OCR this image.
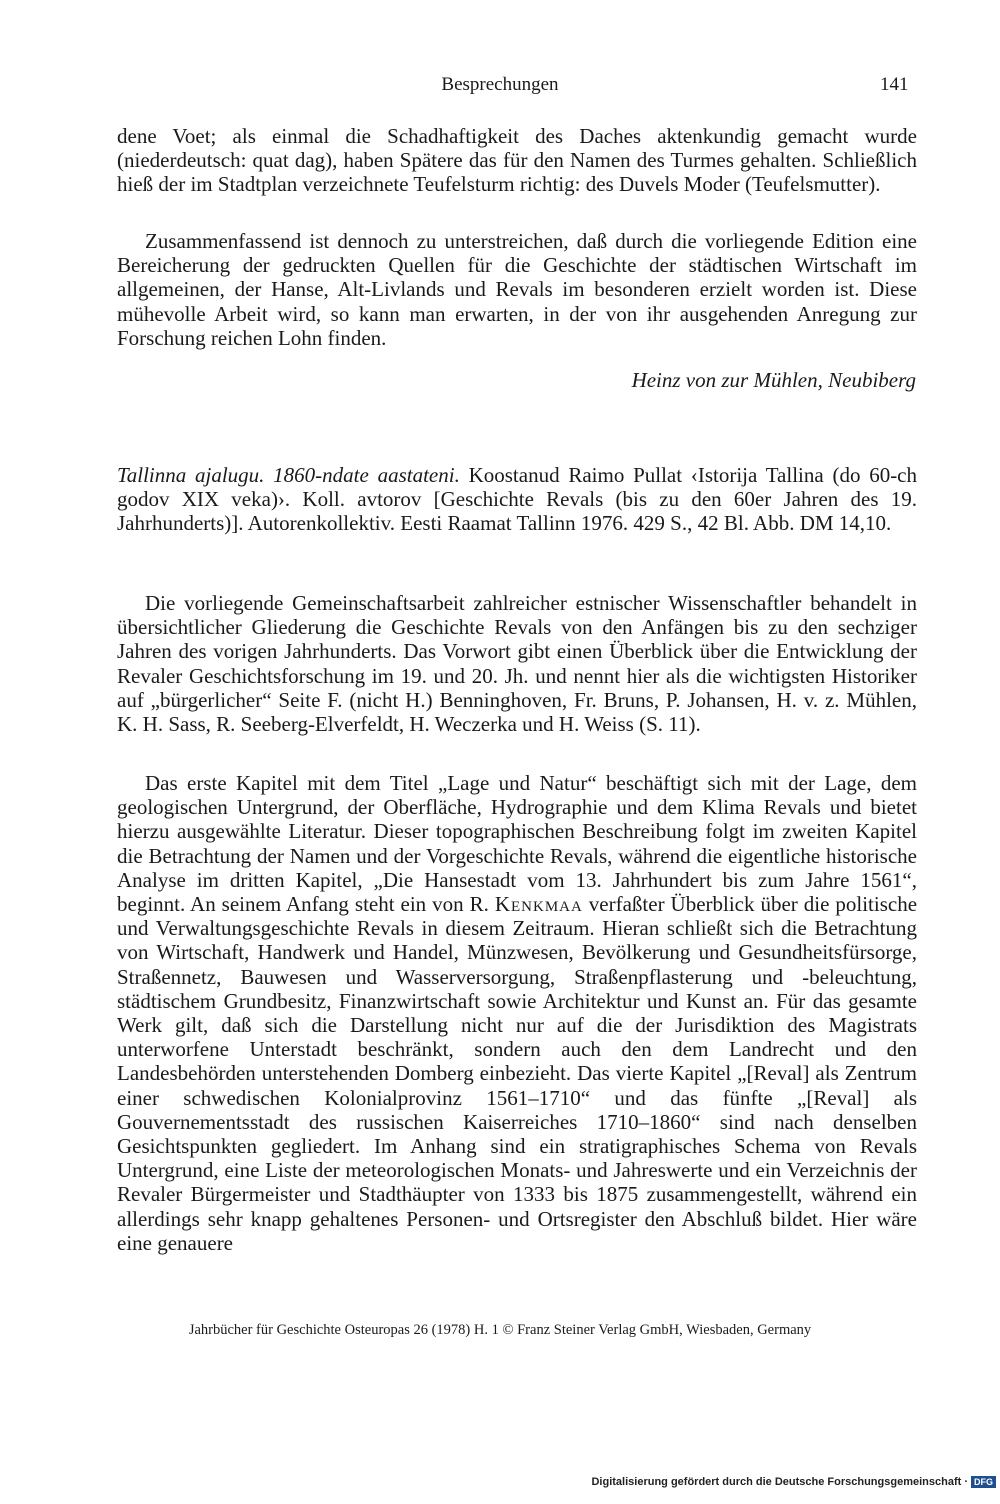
Besprechungen	141

dene Voet; als einmal die Schadhaftigkeit des Daches aktenkundig gemacht wurde (niederdeutsch: quat dag), haben Spätere das für den Namen des Turmes gehalten. Schließlich hieß der im Stadtplan verzeichnete Teufelsturm richtig: des Duvels Moder (Teufelsmutter).

Zusammenfassend ist dennoch zu unterstreichen, daß durch die vorliegende Edition eine Bereicherung der gedruckten Quellen für die Geschichte der städtischen Wirtschaft im allgemeinen, der Hanse, Alt-Livlands und Revals im besonderen erzielt worden ist. Diese mühevolle Arbeit wird, so kann man erwarten, in der von ihr ausgehenden Anregung zur Forschung reichen Lohn finden.

Heinz von zur Mühlen, Neubiberg

Tallinna ajalugu. 1860-ndate aastateni. Koostanud Raimo Pullat ‹Istorija Tallina (do 60-ch godov XIX veka)›. Koll. avtorov [Geschichte Revals (bis zu den 60er Jahren des 19. Jahrhunderts)]. Autorenkollektiv. Eesti Raamat Tallinn 1976. 429 S., 42 Bl. Abb. DM 14,10.

Die vorliegende Gemeinschaftsarbeit zahlreicher estnischer Wissenschaftler behandelt in übersichtlicher Gliederung die Geschichte Revals von den Anfängen bis zu den sechziger Jahren des vorigen Jahrhunderts. Das Vorwort gibt einen Überblick über die Entwicklung der Revaler Geschichtsforschung im 19. und 20. Jh. und nennt hier als die wichtigsten Historiker auf „bürgerlicher“ Seite F. (nicht H.) Benninghoven, Fr. Bruns, P. Johansen, H. v. z. Mühlen, K. H. Sass, R. Seeberg-Elverfeldt, H. Weczerka und H. Weiss (S. 11).

Das erste Kapitel mit dem Titel „Lage und Natur“ beschäftigt sich mit der Lage, dem geologischen Untergrund, der Oberfläche, Hydrographie und dem Klima Revals und bietet hierzu ausgewählte Literatur. Dieser topographischen Beschreibung folgt im zweiten Kapitel die Betrachtung der Namen und der Vorgeschichte Revals, während die eigentliche historische Analyse im dritten Kapitel, „Die Hansestadt vom 13. Jahrhundert bis zum Jahre 1561“, beginnt. An seinem Anfang steht ein von R. Kenkmaa verfaßter Überblick über die politische und Verwaltungsgeschichte Revals in diesem Zeitraum. Hieran schließt sich die Betrachtung von Wirtschaft, Handwerk und Handel, Münzwesen, Bevölkerung und Gesundheitsfürsorge, Straßennetz, Bauwesen und Wasserversorgung, Straßenpflasterung und -beleuchtung, städtischem Grundbesitz, Finanzwirtschaft sowie Architektur und Kunst an. Für das gesamte Werk gilt, daß sich die Darstellung nicht nur auf die der Jurisdiktion des Magistrats unterworfene Unterstadt beschränkt, sondern auch den dem Landrecht und den Landesbehörden unterstehenden Domberg einbezieht. Das vierte Kapitel „[Reval] als Zentrum einer schwedischen Kolonialprovinz 1561–1710“ und das fünfte „[Reval] als Gouvernementsstadt des russischen Kaiserreiches 1710–1860“ sind nach denselben Gesichtspunkten gegliedert. Im Anhang sind ein stratigraphisches Schema von Revals Untergrund, eine Liste der meteorologischen Monats- und Jahreswerte und ein Verzeichnis der Revaler Bürgermeister und Stadthäupter von 1333 bis 1875 zusammengestellt, während ein allerdings sehr knapp gehaltenes Personen- und Ortsregister den Abschluß bildet. Hier wäre eine genauere

Jahrbücher für Geschichte Osteuropas 26 (1978) H. 1 © Franz Steiner Verlag GmbH, Wiesbaden, Germany
Digitalisierung gefördert durch die Deutsche Forschungsgemeinschaft · DFG
